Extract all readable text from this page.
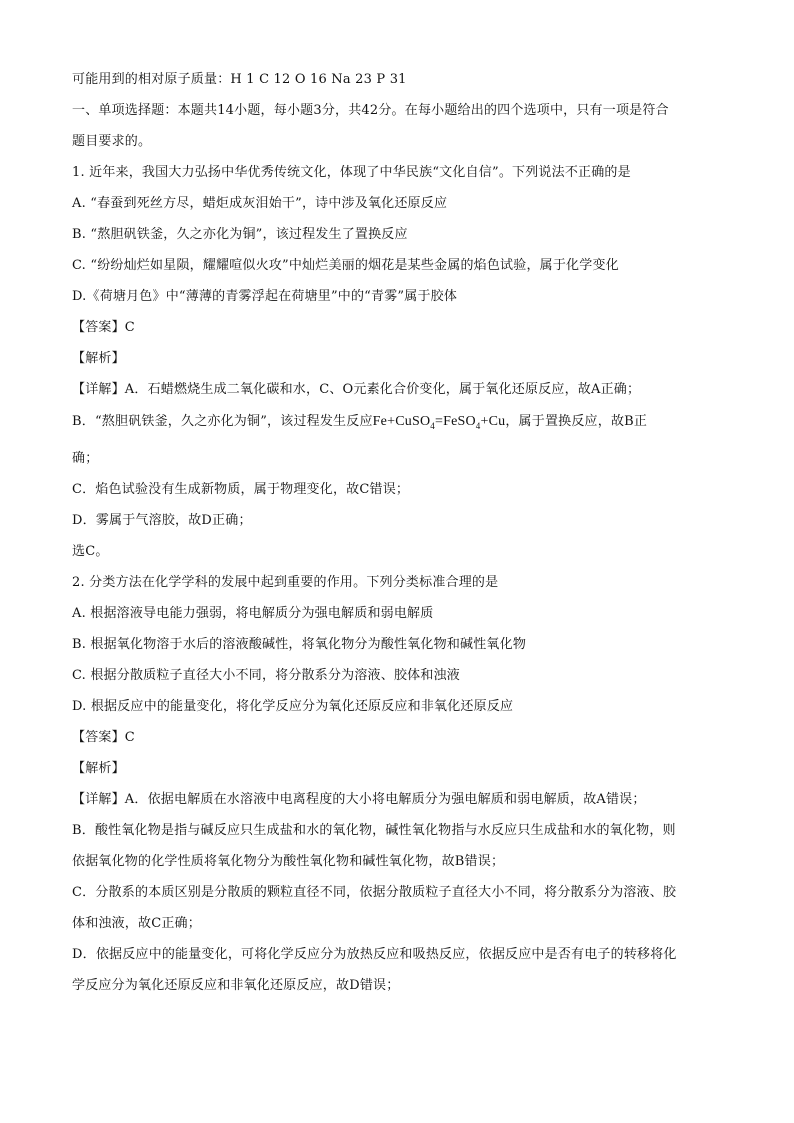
可能用到的相对原子质量：H 1 C 12 O 16 Na 23 P 31
一、单项选择题：本题共14小题，每小题3分，共42分。在每小题给出的四个选项中，只有一项是符合
题目要求的。
1. 近年来，我国大力弘扬中华优秀传统文化，体现了中华民族“文化自信”。下列说法不正确的是
A. “春蚕到死丝方尽，蜡炬成灰泪始干”，诗中涉及氧化还原反应
B. “熬胆矾铁釜，久之亦化为铜”，该过程发生了置换反应
C. “纷纷灿烂如星陨，耀耀喧似火攻”中灿烂美丽的烟花是某些金属的焰色试验，属于化学变化
D.《荷塘月色》中“薄薄的青雾浮起在荷塘里”中的“青雾”属于胶体
【答案】C
【解析】
【详解】A．石蜡燃烧生成二氧化碳和水，C、O元素化合价变化，属于氧化还原反应，故A正确；
B．“熬胆矾铁釜，久之亦化为铜”，该过程发生反应Fe+CuSO$_4$=FeSO$_4$+Cu，属于置换反应，故B正
确；
C．焰色试验没有生成新物质，属于物理变化，故C错误；
D．雾属于气溶胶，故D正确；
选C。
2. 分类方法在化学学科的发展中起到重要的作用。下列分类标准合理的是
A. 根据溶液导电能力强弱，将电解质分为强电解质和弱电解质
B. 根据氧化物溶于水后的溶液酸碱性，将氧化物分为酸性氧化物和碱性氧化物
C. 根据分散质粒子直径大小不同，将分散系分为溶液、胶体和浊液
D. 根据反应中的能量变化，将化学反应分为氧化还原反应和非氧化还原反应
【答案】C
【解析】
【详解】A．依据电解质在水溶液中电离程度的大小将电解质分为强电解质和弱电解质，故A错误；
B．酸性氧化物是指与碱反应只生成盐和水的氧化物，碱性氧化物指与水反应只生成盐和水的氧化物，则
依据氧化物的化学性质将氧化物分为酸性氧化物和碱性氧化物，故B错误；
C．分散系的本质区别是分散质的颗粒直径不同，依据分散质粒子直径大小不同，将分散系分为溶液、胶
体和浊液，故C正确；
D．依据反应中的能量变化，可将化学反应分为放热反应和吸热反应，依据反应中是否有电子的转移将化
学反应分为氧化还原反应和非氧化还原反应，故D错误；
